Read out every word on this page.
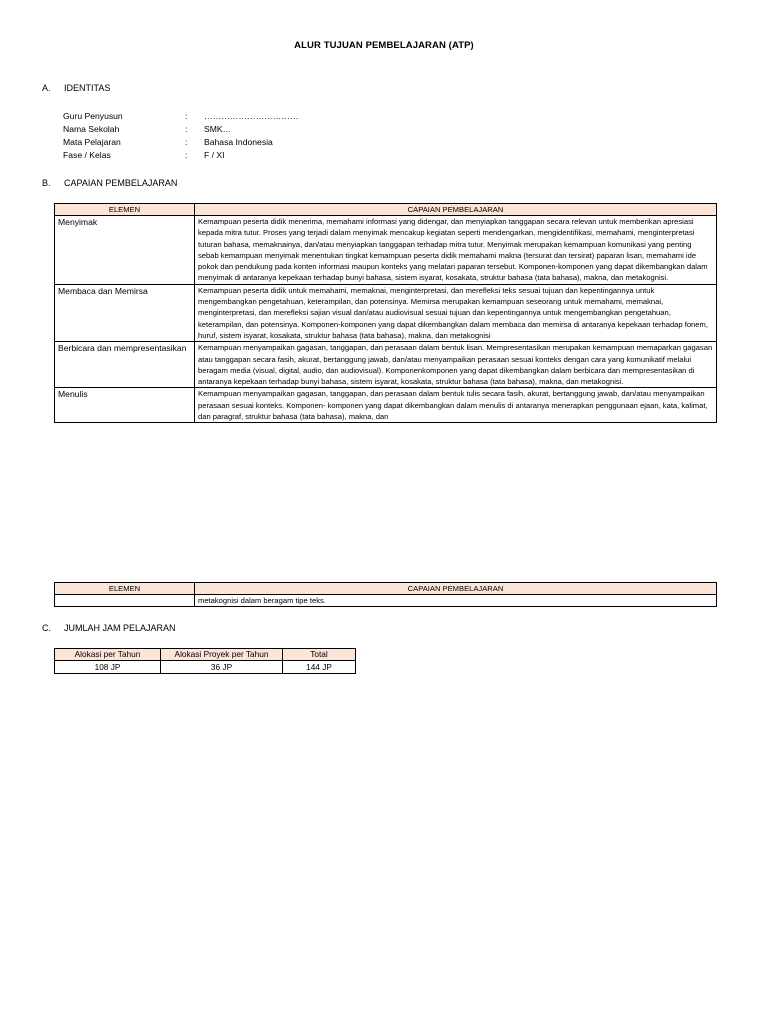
ALUR TUJUAN PEMBELAJARAN (ATP)
A. IDENTITAS
Guru Penyusun	: ……………………………
Nama Sekolah	: SMK…
Mata Pelajaran	: Bahasa Indonesia
Fase / Kelas	: F / XI
B. CAPAIAN PEMBELAJARAN
ELEMEN	CAPAIAN PEMBELAJARAN
Menyimak	Kemampuan peserta didik menerima, memahami informasi yang didengar, dan menyiapkan tanggapan secara relevan untuk memberikan apresiasi kepada mitra tutur. Proses yang terjadi dalam menyimak mencakup kegiatan seperti mendengarkan, mengidentifikasi, memahami, menginterpretasi tuturan bahasa, memaknainya, dan/atau menyiapkan tanggapan terhadap mitra tutur. Menyimak merupakan kemampuan komunikasi yang penting sebab kemampuan menyimak menentukan tingkat kemampuan peserta didik memahami makna (tersurat dan tersirat) paparan lisan, memahami ide pokok dan pendukung pada konten informasi maupun konteks yang melatari paparan tersebut. Komponen-komponen yang dapat dikembangkan dalam menyimak di antaranya kepekaan terhadap bunyi bahasa, sistem isyarat, kosakata, struktur bahasa (tata bahasa), makna, dan metakognisi.
Membaca dan Memirsa	Kemampuan peserta didik untuk memahami, memaknai, menginterpretasi, dan merefleksi teks sesuai tujuan dan kepentingannya untuk mengembangkan pengetahuan, keterampilan, dan potensinya. Memirsa merupakan kemampuan seseorang untuk memahami, memaknai, menginterpretasi, dan merefleksi sajian visual dan/atau audiovisual sesuai tujuan dan kepentingannya untuk mengembangkan pengetahuan, keterampilan, dan potensinya. Komponen-komponen yang dapat dikembangkan dalam membaca dan memirsa di antaranya kepekaan terhadap fonem, huruf, sistem isyarat, kosakata, struktur bahasa (tata bahasa), makna, dan metakognisi
Berbicara dan mempresentasikan	Kemampuan menyampaikan gagasan, tanggapan, dan perasaan dalam bentuk lisan. Mempresentasikan merupakan kemampuan memaparkan gagasan atau tanggapan secara fasih, akurat, bertanggung jawab, dan/atau menyampaikan perasaan sesuai konteks dengan cara yang komunikatif melalui beragam media (visual, digital, audio, dan audiovisual). Komponenkomponen yang dapat dikembangkan dalam berbicara dan mempresentasikan di antaranya kepekaan terhadap bunyi bahasa, sistem isyarat, kosakata, struktur bahasa (tata bahasa), makna, dan metakognisi.
Menulis	Kemampuan menyampaikan gagasan, tanggapan, dan perasaan dalam bentuk tulis secara fasih, akurat, bertanggung jawab, dan/atau menyampaikan perasaan sesuai konteks. Komponen- komponen yang dapat dikembangkan dalam menulis di antaranya menerapkan penggunaan ejaan, kata, kalimat, dan paragraf, struktur bahasa (tata bahasa), makna, dan
ELEMEN	CAPAIAN PEMBELAJARAN
	metakognisi dalam beragam tipe teks.
C. JUMLAH JAM PELAJARAN
Alokasi per Tahun	Alokasi Proyek per Tahun	Total
108 JP	36 JP	144 JP
